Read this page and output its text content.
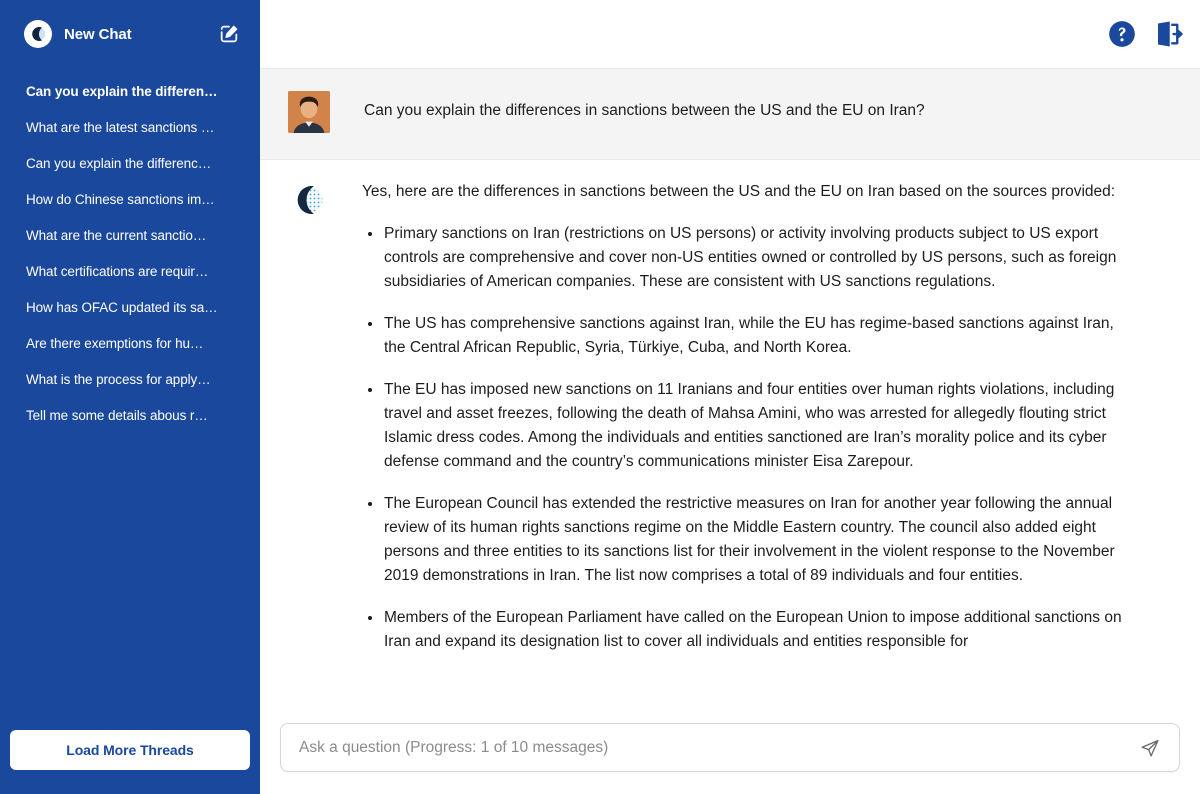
New Chat
Can you explain the differen…
What are the latest sanctions …
Can you explain the differenc…
How do Chinese sanctions im…
What are the current sanctio…
What certifications are requir…
How has OFAC updated its sa…
Are there exemptions for hu…
What is the process for apply…
Tell me some details abous r…
Load More Threads
Can you explain the differences in sanctions between the US and the EU on Iran?

Yes, here are the differences in sanctions between the US and the EU on Iran based on the sources provided:

Primary sanctions on Iran (restrictions on US persons) or activity involving products subject to US export controls are comprehensive and cover non-US entities owned or controlled by US persons, such as foreign subsidiaries of American companies. These are consistent with US sanctions regulations.
The US has comprehensive sanctions against Iran, while the EU has regime-based sanctions against Iran, the Central African Republic, Syria, Türkiye, Cuba, and North Korea.
The EU has imposed new sanctions on 11 Iranians and four entities over human rights violations, including travel and asset freezes, following the death of Mahsa Amini, who was arrested for allegedly flouting strict Islamic dress codes. Among the individuals and entities sanctioned are Iran’s morality police and its cyber defense command and the country’s communications minister Eisa Zarepour.
The European Council has extended the restrictive measures on Iran for another year following the annual review of its human rights sanctions regime on the Middle Eastern country. The council also added eight persons and three entities to its sanctions list for their involvement in the violent response to the November 2019 demonstrations in Iran. The list now comprises a total of 89 individuals and four entities.
Members of the European Parliament have called on the European Union to impose additional sanctions on Iran and expand its designation list to cover all individuals and entities responsible for
Ask a question (Progress: 1 of 10 messages)
